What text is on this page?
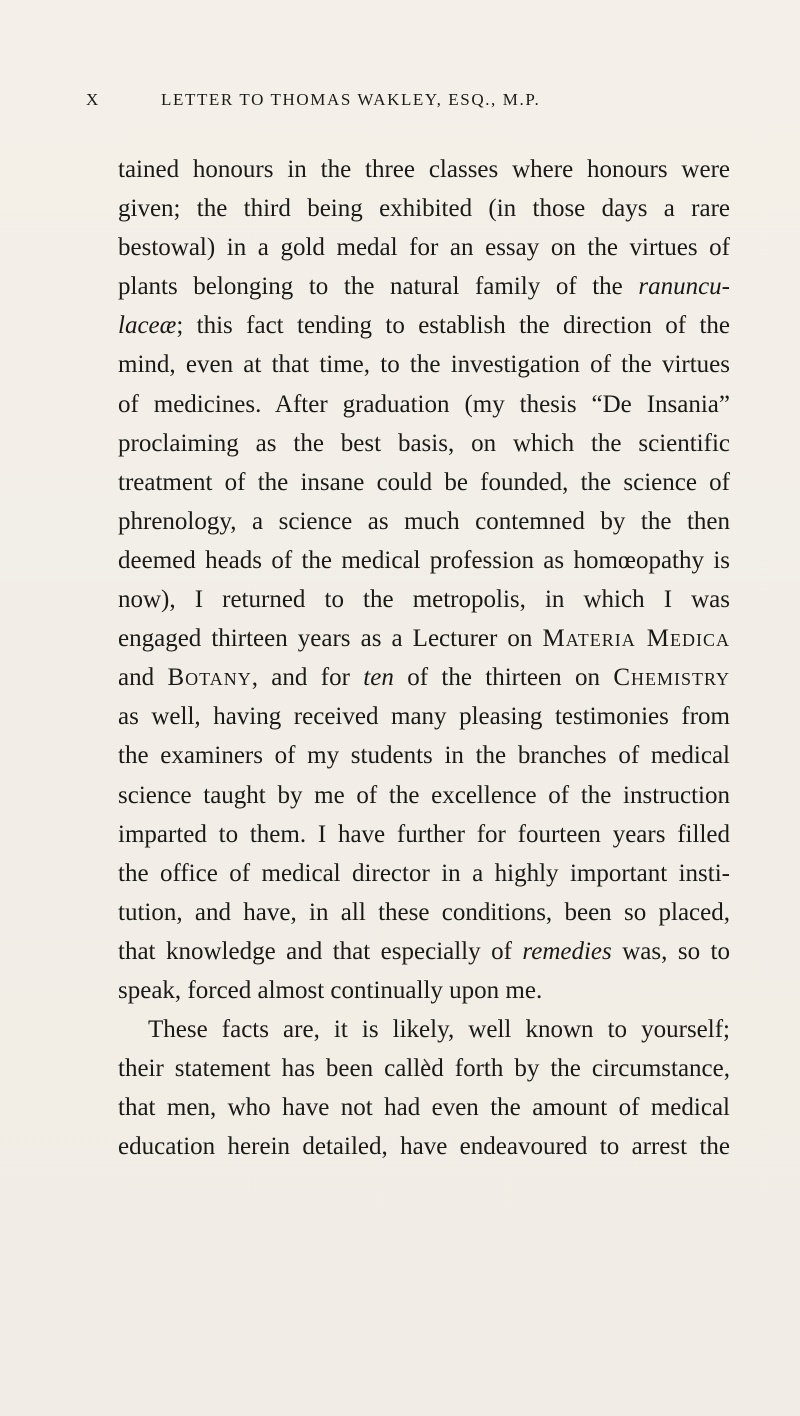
X	LETTER TO THOMAS WAKLEY, ESQ., M.P.
tained honours in the three classes where honours were
given; the third being exhibited (in those days a rare
bestowal) in a gold medal for an essay on the virtues of
plants belonging to the natural family of the ranuncu-
laceæ; this fact tending to establish the direction of the
mind, even at that time, to the investigation of the virtues
of medicines. After graduation (my thesis “De Insania”
proclaiming as the best basis, on which the scientific
treatment of the insane could be founded, the science of
phrenology, a science as much contemned by the then
deemed heads of the medical profession as homœopathy is
now), I returned to the metropolis, in which I was
engaged thirteen years as a Lecturer on Materia Medica
and Botany, and for ten of the thirteen on Chemistry
as well, having received many pleasing testimonies from
the examiners of my students in the branches of medical
science taught by me of the excellence of the instruction
imparted to them. I have further for fourteen years filled
the office of medical director in a highly important insti-
tution, and have, in all these conditions, been so placed,
that knowledge and that especially of remedies was, so to
speak, forced almost continually upon me.
These facts are, it is likely, well known to yourself;
their statement has been called forth by the circumstance,
that men, who have not had even the amount of medical
education herein detailed, have endeavoured to arrest the
